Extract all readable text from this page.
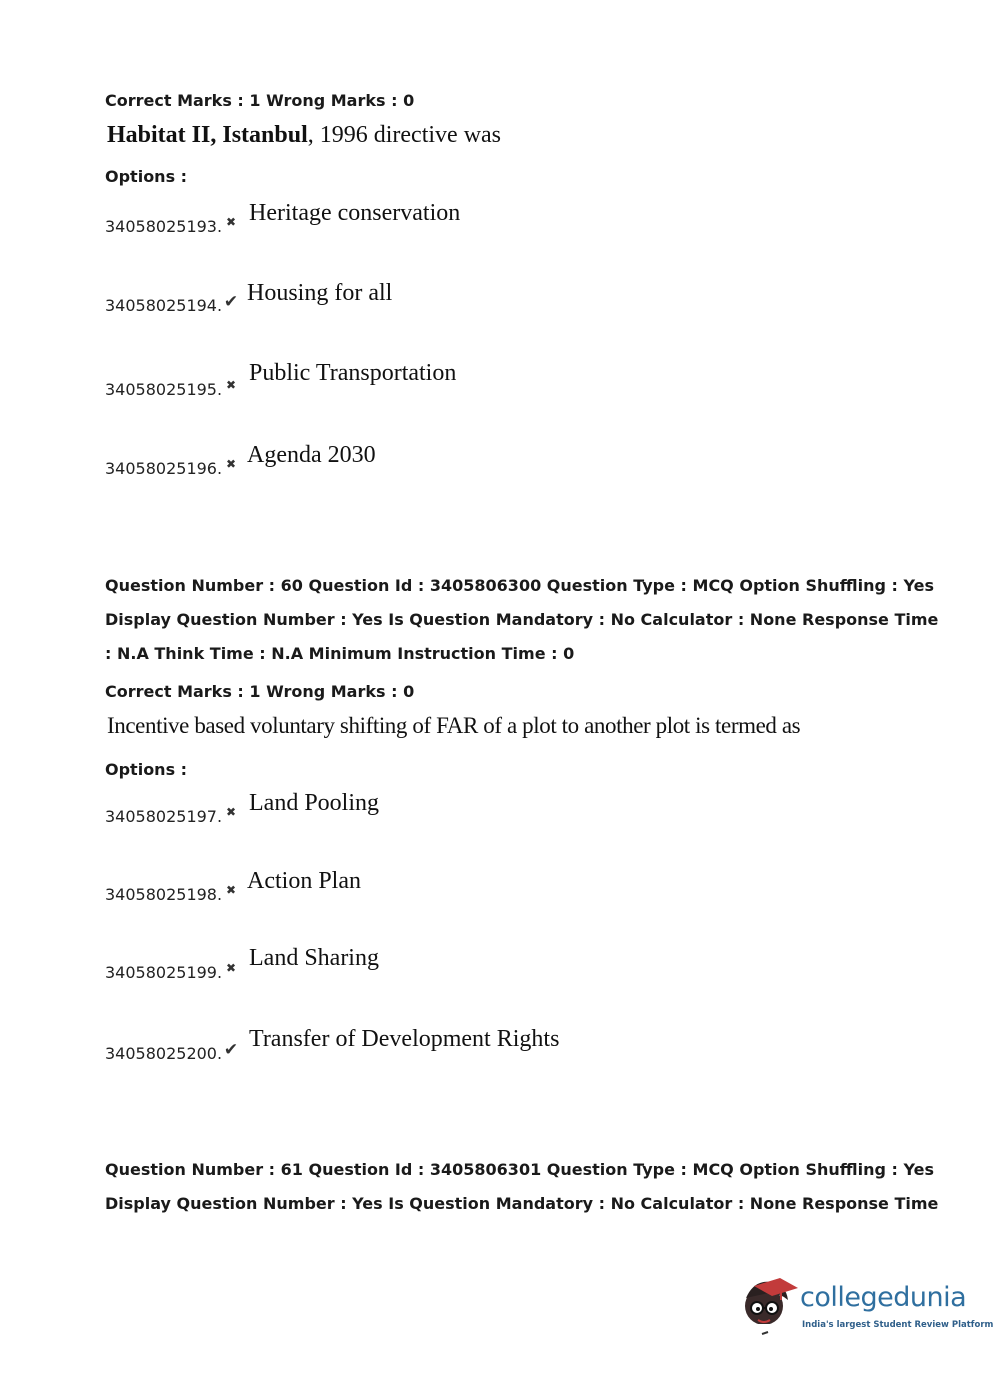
Correct Marks : 1 Wrong Marks : 0
Habitat II, Istanbul, 1996 directive was
Options :
34058025193. ✖ Heritage conservation
34058025194. ✔ Housing for all
34058025195. ✖ Public Transportation
34058025196. ✖ Agenda 2030
Question Number : 60 Question Id : 3405806300 Question Type : MCQ Option Shuffling : Yes
Display Question Number : Yes Is Question Mandatory : No Calculator : None Response Time
: N.A Think Time : N.A Minimum Instruction Time : 0
Correct Marks : 1 Wrong Marks : 0
Incentive based voluntary shifting of FAR of a plot to another plot is termed as
Options :
34058025197. ✖ Land Pooling
34058025198. ✖ Action Plan
34058025199. ✖ Land Sharing
34058025200. ✔ Transfer of Development Rights
Question Number : 61 Question Id : 3405806301 Question Type : MCQ Option Shuffling : Yes
Display Question Number : Yes Is Question Mandatory : No Calculator : None Response Time
collegedunia
India's largest Student Review Platform
